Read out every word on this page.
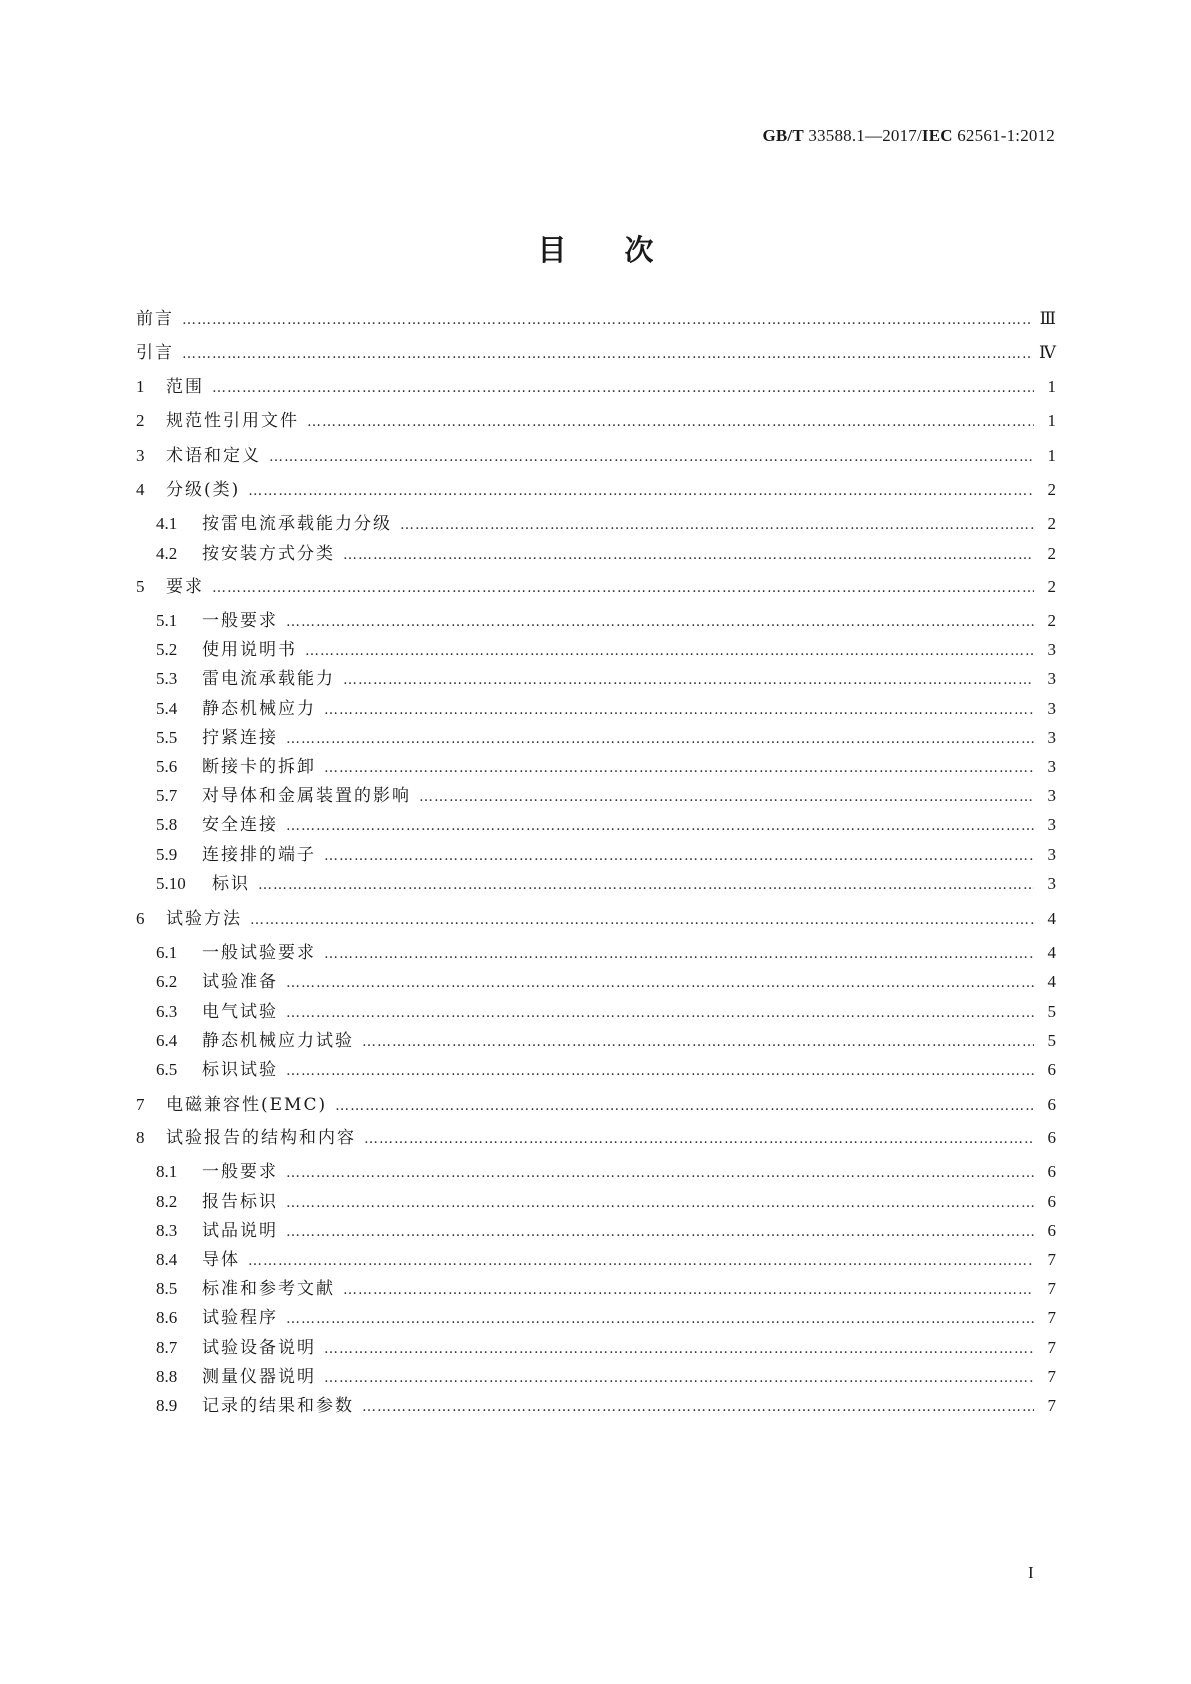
GB/T 33588.1—2017/IEC 62561-1:2012
目次
前言 ……………………………………………………………………………………………………………………………………………………………………………………………………………………………………………………………………	Ⅲ
引言 ……………………………………………………………………………………………………………………………………………………………………………………………………………………………………………………………………	Ⅳ
1	范围 ……………………………………………………………………………………………………………………………………………………………………………………………………………………………………………………………………	1
2	规范性引用文件 ……………………………………………………………………………………………………………………………………………………………………………………………………………………………………………………………………	1
3	术语和定义 ……………………………………………………………………………………………………………………………………………………………………………………………………………………………………………………………………	1
4	分级(类) ……………………………………………………………………………………………………………………………………………………………………………………………………………………………………………………………………	2
4.1	按雷电流承载能力分级 ……………………………………………………………………………………………………………………………………………………………………………………………………………………………………………………………………	2
4.2	按安装方式分类 ……………………………………………………………………………………………………………………………………………………………………………………………………………………………………………………………………	2
5	要求 ……………………………………………………………………………………………………………………………………………………………………………………………………………………………………………………………………	2
5.1	一般要求 ……………………………………………………………………………………………………………………………………………………………………………………………………………………………………………………………………	2
5.2	使用说明书 ……………………………………………………………………………………………………………………………………………………………………………………………………………………………………………………………………	3
5.3	雷电流承载能力 ……………………………………………………………………………………………………………………………………………………………………………………………………………………………………………………………………	3
5.4	静态机械应力 ……………………………………………………………………………………………………………………………………………………………………………………………………………………………………………………………………	3
5.5	拧紧连接 ……………………………………………………………………………………………………………………………………………………………………………………………………………………………………………………………………	3
5.6	断接卡的拆卸 ……………………………………………………………………………………………………………………………………………………………………………………………………………………………………………………………………	3
5.7	对导体和金属装置的影响 ……………………………………………………………………………………………………………………………………………………………………………………………………………………………………………………………………	3
5.8	安全连接 ……………………………………………………………………………………………………………………………………………………………………………………………………………………………………………………………………	3
5.9	连接排的端子 ……………………………………………………………………………………………………………………………………………………………………………………………………………………………………………………………………	3
5.10	标识 ……………………………………………………………………………………………………………………………………………………………………………………………………………………………………………………………………	3
6	试验方法 ……………………………………………………………………………………………………………………………………………………………………………………………………………………………………………………………………	4
6.1	一般试验要求 ……………………………………………………………………………………………………………………………………………………………………………………………………………………………………………………………………	4
6.2	试验准备 ……………………………………………………………………………………………………………………………………………………………………………………………………………………………………………………………………	4
6.3	电气试验 ……………………………………………………………………………………………………………………………………………………………………………………………………………………………………………………………………	5
6.4	静态机械应力试验 ……………………………………………………………………………………………………………………………………………………………………………………………………………………………………………………………………	5
6.5	标识试验 ……………………………………………………………………………………………………………………………………………………………………………………………………………………………………………………………………	6
7	电磁兼容性(EMC) ……………………………………………………………………………………………………………………………………………………………………………………………………………………………………………………………………	6
8	试验报告的结构和内容 ……………………………………………………………………………………………………………………………………………………………………………………………………………………………………………………………………	6
8.1	一般要求 ……………………………………………………………………………………………………………………………………………………………………………………………………………………………………………………………………	6
8.2	报告标识 ……………………………………………………………………………………………………………………………………………………………………………………………………………………………………………………………………	6
8.3	试品说明 ……………………………………………………………………………………………………………………………………………………………………………………………………………………………………………………………………	6
8.4	导体 ……………………………………………………………………………………………………………………………………………………………………………………………………………………………………………………………………	7
8.5	标准和参考文献 ……………………………………………………………………………………………………………………………………………………………………………………………………………………………………………………………………	7
8.6	试验程序 ……………………………………………………………………………………………………………………………………………………………………………………………………………………………………………………………………	7
8.7	试验设备说明 ……………………………………………………………………………………………………………………………………………………………………………………………………………………………………………………………………	7
8.8	测量仪器说明 ……………………………………………………………………………………………………………………………………………………………………………………………………………………………………………………………………	7
8.9	记录的结果和参数 ……………………………………………………………………………………………………………………………………………………………………………………………………………………………………………………………………	7
I
